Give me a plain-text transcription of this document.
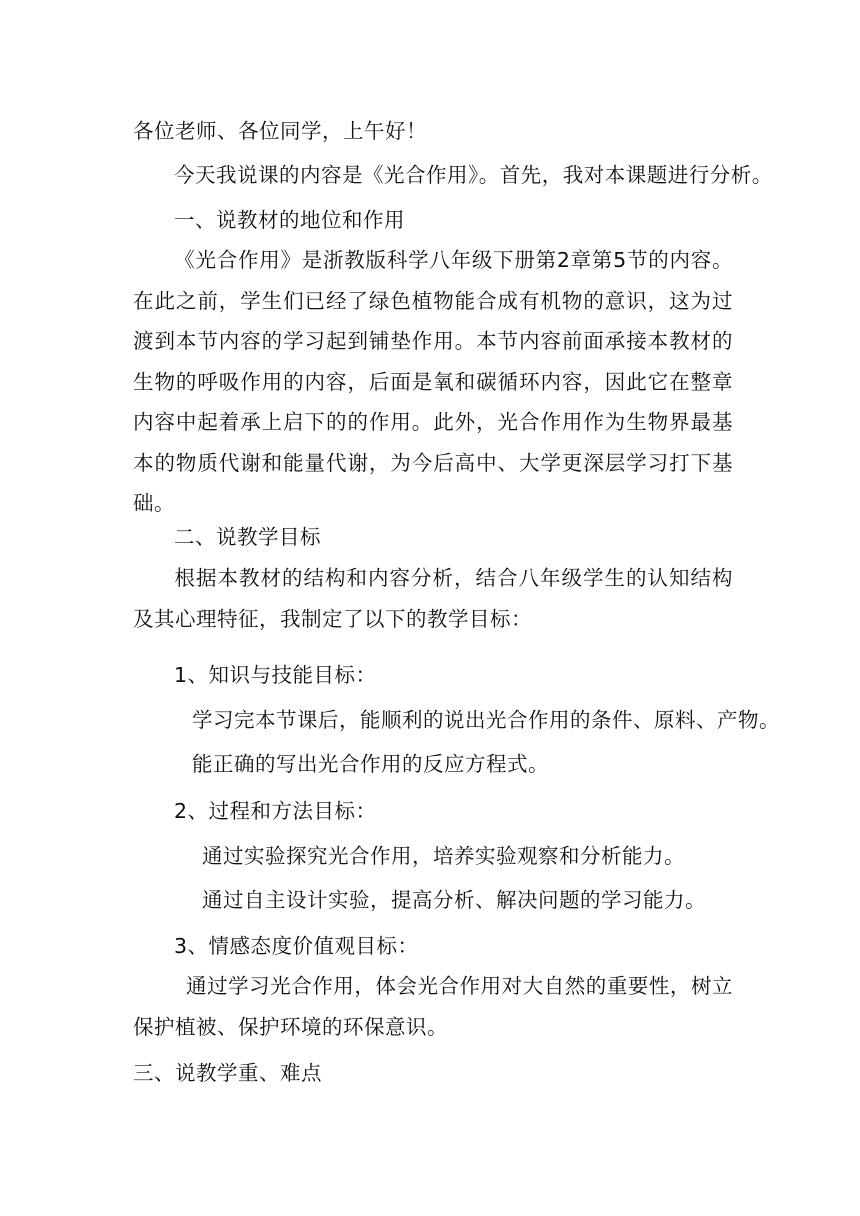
各位老师、各位同学，上午好！
今天我说课的内容是《光合作用》。首先，我对本课题进行分析。
一、说教材的地位和作用
《光合作用》是浙教版科学八年级下册第2章第5节的内容。在此之前，学生们已经了绿色植物能合成有机物的意识，这为过渡到本节内容的学习起到铺垫作用。本节内容前面承接本教材的生物的呼吸作用的内容，后面是氧和碳循环内容，因此它在整章内容中起着承上启下的的作用。此外，光合作用作为生物界最基本的物质代谢和能量代谢，为今后高中、大学更深层学习打下基础。
二、说教学目标
根据本教材的结构和内容分析，结合八年级学生的认知结构及其心理特征，我制定了以下的教学目标：
1、知识与技能目标：
学习完本节课后，能顺利的说出光合作用的条件、原料、产物。
能正确的写出光合作用的反应方程式。
2、过程和方法目标：
通过实验探究光合作用，培养实验观察和分析能力。
通过自主设计实验，提高分析、解决问题的学习能力。
3、情感态度价值观目标：
通过学习光合作用，体会光合作用对大自然的重要性，树立保护植被、保护环境的环保意识。
三、说教学重、难点
